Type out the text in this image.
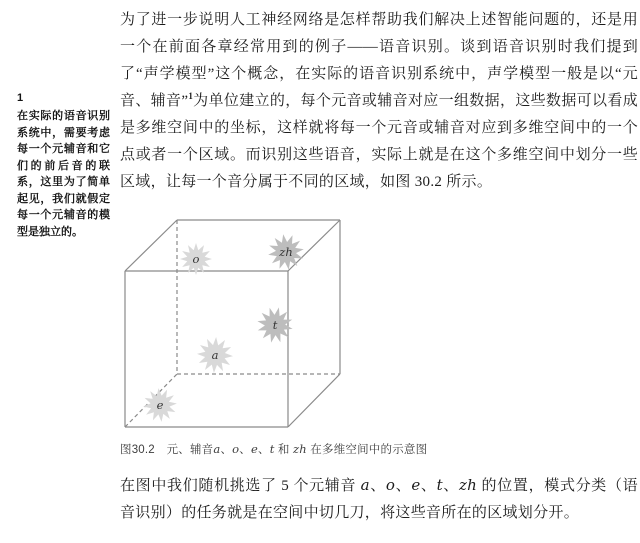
1
在实际的语音识别系统中，需要考虑每一个元辅音和它们的前后音的联系，这里为了简单起见，我们就假定每一个元辅音的模型是独立的。

为了进一步说明人工神经网络是怎样帮助我们解决上述智能问题的，还是用一个在前面各章经常用到的例子——语音识别。谈到语音识别时我们提到了“声学模型”这个概念，在实际的语音识别系统中，声学模型一般是以“元音、辅音”$^1$为单位建立的，每个元音或辅音对应一组数据，这些数据可以看成是多维空间中的坐标，这样就将每一个元音或辅音对应到多维空间中的一个点或者一个区域。而识别这些语音，实际上就是在这个多维空间中划分一些区域，让每一个音分属于不同的区域，如图 30.2 所示。

o	zh
t
a
e
图30.2　元、辅音a、o、e、t 和 zh 在多维空间中的示意图

在图中我们随机挑选了 5 个元辅音 a、o、e、t、zh 的位置，模式分类（语音识别）的任务就是在空间中切几刀，将这些音所在的区域划分开。
